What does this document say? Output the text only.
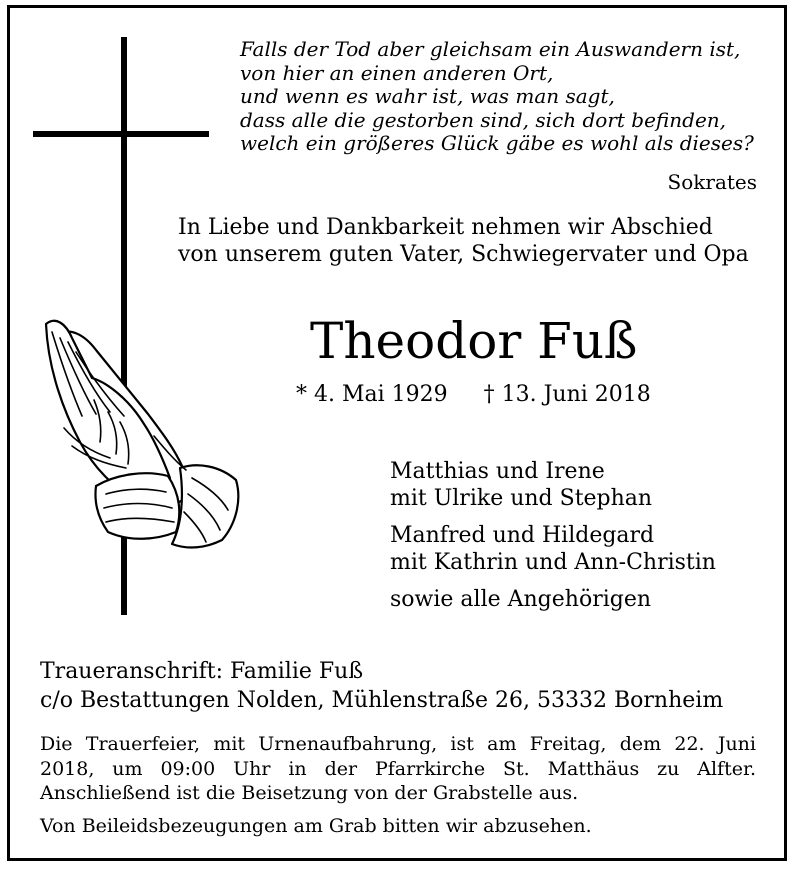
Falls der Tod aber gleichsam ein Auswandern ist,
von hier an einen anderen Ort,
und wenn es wahr ist, was man sagt,
dass alle die gestorben sind, sich dort befinden,
welch ein größeres Glück gäbe es wohl als dieses?
Sokrates
In Liebe und Dankbarkeit nehmen wir Abschied
von unserem guten Vater, Schwiegervater und Opa
Theodor Fuß
* 4. Mai 1929 † 13. Juni 2018
Matthias und Irene
mit Ulrike und Stephan
Manfred und Hildegard
mit Kathrin und Ann-Christin
sowie alle Angehörigen
Traueranschrift: Familie Fuß
c/o Bestattungen Nolden, Mühlenstraße 26, 53332 Bornheim
Die Trauerfeier, mit Urnenaufbahrung, ist am Freitag, dem 22. Juni
2018, um 09:00 Uhr in der Pfarrkirche St. Matthäus zu Alfter.
Anschließend ist die Beisetzung von der Grabstelle aus.
Von Beileidsbezeugungen am Grab bitten wir abzusehen.
